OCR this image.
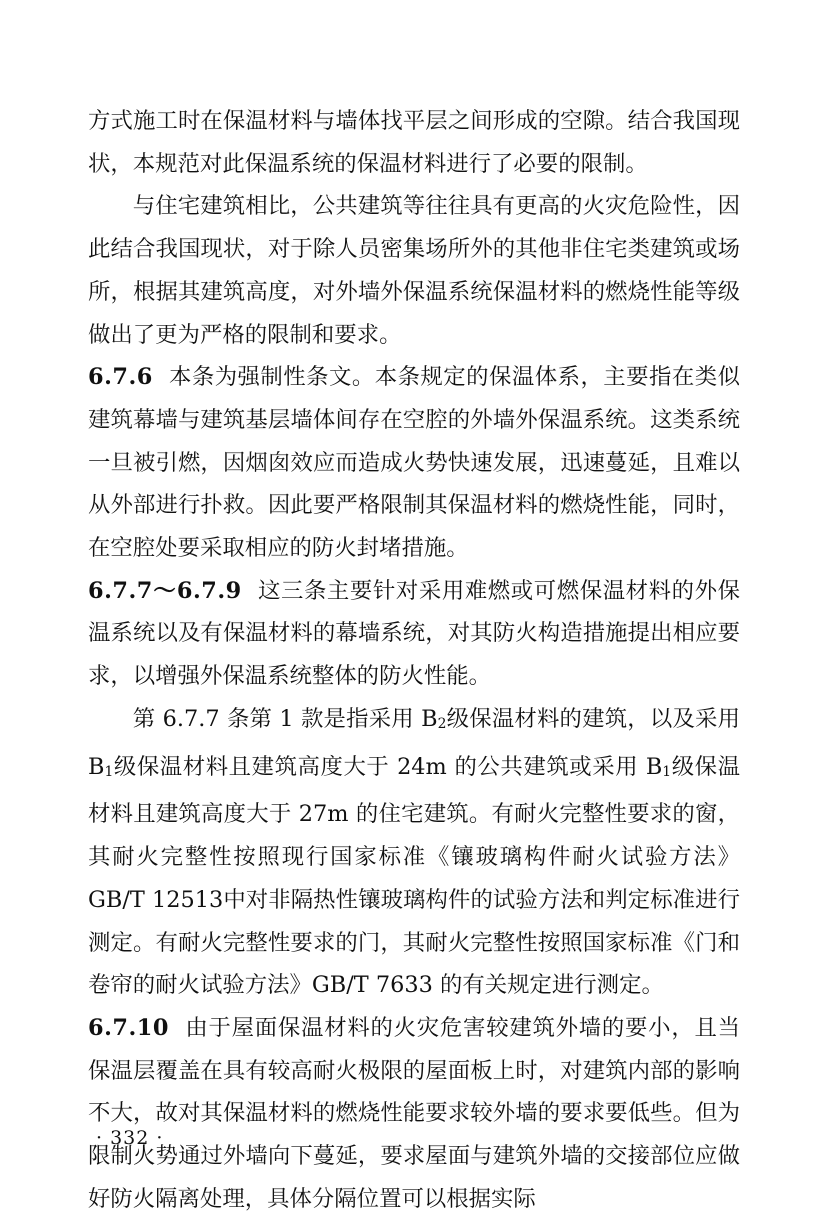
方式施工时在保温材料与墙体找平层之间形成的空隙。结合我国现状，本规范对此保温系统的保温材料进行了必要的限制。

与住宅建筑相比，公共建筑等往往具有更高的火灾危险性，因此结合我国现状，对于除人员密集场所外的其他非住宅类建筑或场所，根据其建筑高度，对外墙外保温系统保温材料的燃烧性能等级做出了更为严格的限制和要求。

6.7.6 本条为强制性条文。本条规定的保温体系，主要指在类似建筑幕墙与建筑基层墙体间存在空腔的外墙外保温系统。这类系统一旦被引燃，因烟囱效应而造成火势快速发展，迅速蔓延，且难以从外部进行扑救。因此要严格限制其保温材料的燃烧性能，同时，在空腔处要采取相应的防火封堵措施。

6.7.7～6.7.9 这三条主要针对采用难燃或可燃保温材料的外保温系统以及有保温材料的幕墙系统，对其防火构造措施提出相应要求，以增强外保温系统整体的防火性能。

第 6.7.7 条第 1 款是指采用 B2级保温材料的建筑，以及采用 B1级保温材料且建筑高度大于 24m 的公共建筑或采用 B1级保温材料且建筑高度大于 27m 的住宅建筑。有耐火完整性要求的窗，其耐火完整性按照现行国家标准《镶玻璃构件耐火试验方法》GB/T 12513中对非隔热性镶玻璃构件的试验方法和判定标准进行测定。有耐火完整性要求的门，其耐火完整性按照国家标准《门和卷帘的耐火试验方法》GB/T 7633 的有关规定进行测定。

6.7.10 由于屋面保温材料的火灾危害较建筑外墙的要小，且当保温层覆盖在具有较高耐火极限的屋面板上时，对建筑内部的影响不大，故对其保温材料的燃烧性能要求较外墙的要求要低些。但为限制火势通过外墙向下蔓延，要求屋面与建筑外墙的交接部位应做好防火隔离处理，具体分隔位置可以根据实际

· 332 ·
